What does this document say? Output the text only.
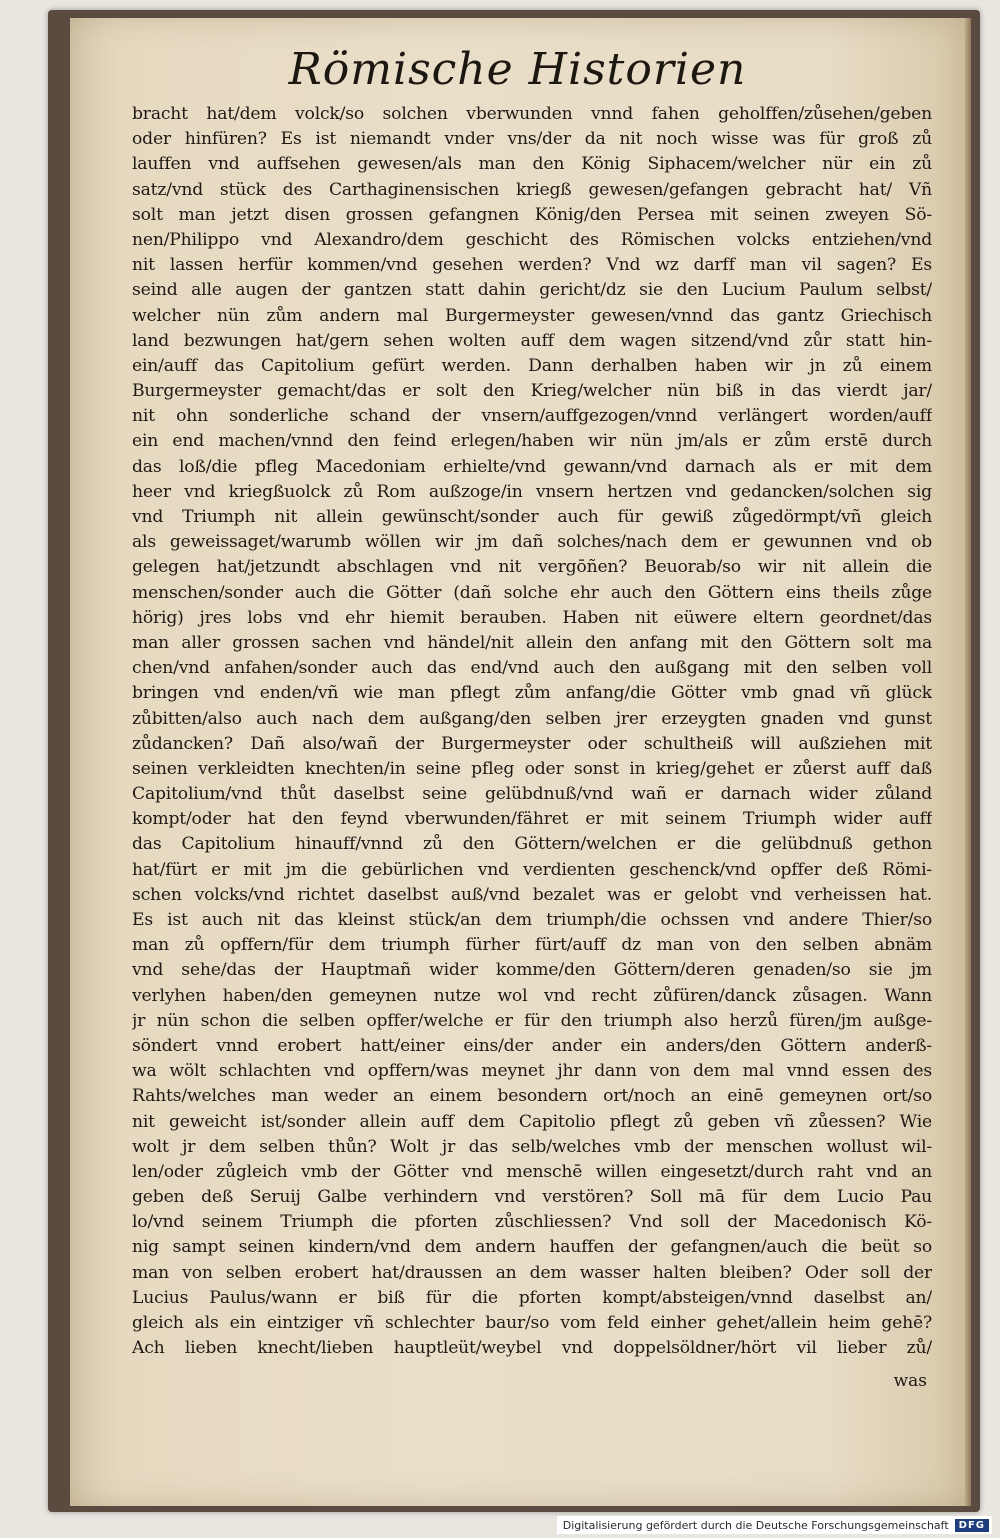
Römische Historien
bracht hat/dem volck/so solchen vberwunden vnnd fahen geholffen/zůsehen/geben
oder hinfüren? Es ist niemandt vnder vns/der da nit noch wisse was für groß zů
lauffen vnd auffsehen gewesen/als man den König Siphacem/welcher nür ein zů
satz/vnd stück des Carthaginensischen kriegß gewesen/gefangen gebracht hat/ Vñ
solt man jetzt disen grossen gefangnen König/den Persea mit seinen zweyen Sö-
nen/Philippo vnd Alexandro/dem geschicht des Römischen volcks entziehen/vnd
nit lassen herfür kommen/vnd gesehen werden? Vnd wz darff man vil sagen? Es
seind alle augen der gantzen statt dahin gericht/dz sie den Lucium Paulum selbst/
welcher nün zům andern mal Burgermeyster gewesen/vnnd das gantz Griechisch
land bezwungen hat/gern sehen wolten auff dem wagen sitzend/vnd zůr statt hin-
ein/auff das Capitolium gefürt werden. Dann derhalben haben wir jn zů einem
Burgermeyster gemacht/das er solt den Krieg/welcher nün biß in das vierdt jar/
nit ohn sonderliche schand der vnsern/auffgezogen/vnnd verlängert worden/auff
ein end machen/vnnd den feind erlegen/haben wir nün jm/als er zům erstē durch
das loß/die pfleg Macedoniam erhielte/vnd gewann/vnd darnach als er mit dem
heer vnd kriegßuolck zů Rom außzoge/in vnsern hertzen vnd gedancken/solchen sig
vnd Triumph nit allein gewünscht/sonder auch für gewiß zůgedörmpt/vñ gleich
als geweissaget/warumb wöllen wir jm dañ solches/nach dem er gewunnen vnd ob
gelegen hat/jetzundt abschlagen vnd nit vergōñen? Beuorab/so wir nit allein die
menschen/sonder auch die Götter (dañ solche ehr auch den Göttern eins theils zůge
hörig) jres lobs vnd ehr hiemit berauben. Haben nit eüwere eltern geordnet/das
man aller grossen sachen vnd händel/nit allein den anfang mit den Göttern solt ma
chen/vnd anfahen/sonder auch das end/vnd auch den außgang mit den selben voll
bringen vnd enden/vñ wie man pflegt zům anfang/die Götter vmb gnad vñ glück
zůbitten/also auch nach dem außgang/den selben jrer erzeygten gnaden vnd gunst
zůdancken? Dañ also/wañ der Burgermeyster oder schultheiß will außziehen mit
seinen verkleidten knechten/in seine pfleg oder sonst in krieg/gehet er zůerst auff daß
Capitolium/vnd thůt daselbst seine gelübdnuß/vnd wañ er darnach wider zůland
kompt/oder hat den feynd vberwunden/fähret er mit seinem Triumph wider auff
das Capitolium hinauff/vnnd zů den Göttern/welchen er die gelübdnuß gethon
hat/fürt er mit jm die gebürlichen vnd verdienten geschenck/vnd opffer deß Römi-
schen volcks/vnd richtet daselbst auß/vnd bezalet was er gelobt vnd verheissen hat.
Es ist auch nit das kleinst stück/an dem triumph/die ochssen vnd andere Thier/so
man zů opffern/für dem triumph fürher fürt/auff dz man von den selben abnäm
vnd sehe/das der Hauptmañ wider komme/den Göttern/deren genaden/so sie jm
verlyhen haben/den gemeynen nutze wol vnd recht zůfüren/danck zůsagen. Wann
jr nün schon die selben opffer/welche er für den triumph also herzů füren/jm außge-
söndert vnnd erobert hatt/einer eins/der ander ein anders/den Göttern anderß-
wa wölt schlachten vnd opffern/was meynet jhr dann von dem mal vnnd essen des
Rahts/welches man weder an einem besondern ort/noch an einē gemeynen ort/so
nit geweicht ist/sonder allein auff dem Capitolio pflegt zů geben vñ zůessen? Wie
wolt jr dem selben thůn? Wolt jr das selb/welches vmb der menschen wollust wil-
len/oder zůgleich vmb der Götter vnd menschē willen eingesetzt/durch raht vnd an
geben deß Seruij Galbe verhindern vnd verstören? Soll mā für dem Lucio Pau
lo/vnd seinem Triumph die pforten zůschliessen? Vnd soll der Macedonisch Kö-
nig sampt seinen kindern/vnd dem andern hauffen der gefangnen/auch die beüt so
man von selben erobert hat/draussen an dem wasser halten bleiben? Oder soll der
Lucius Paulus/wann er biß für die pforten kompt/absteigen/vnnd daselbst an/
gleich als ein eintziger vñ schlechter baur/so vom feld einher gehet/allein heim gehē?
Ach lieben knecht/lieben hauptleüt/weybel vnd doppelsöldner/hört vil lieber zů/
was
Digitalisierung gefördert durch die Deutsche Forschungsgemeinschaft	DFG
